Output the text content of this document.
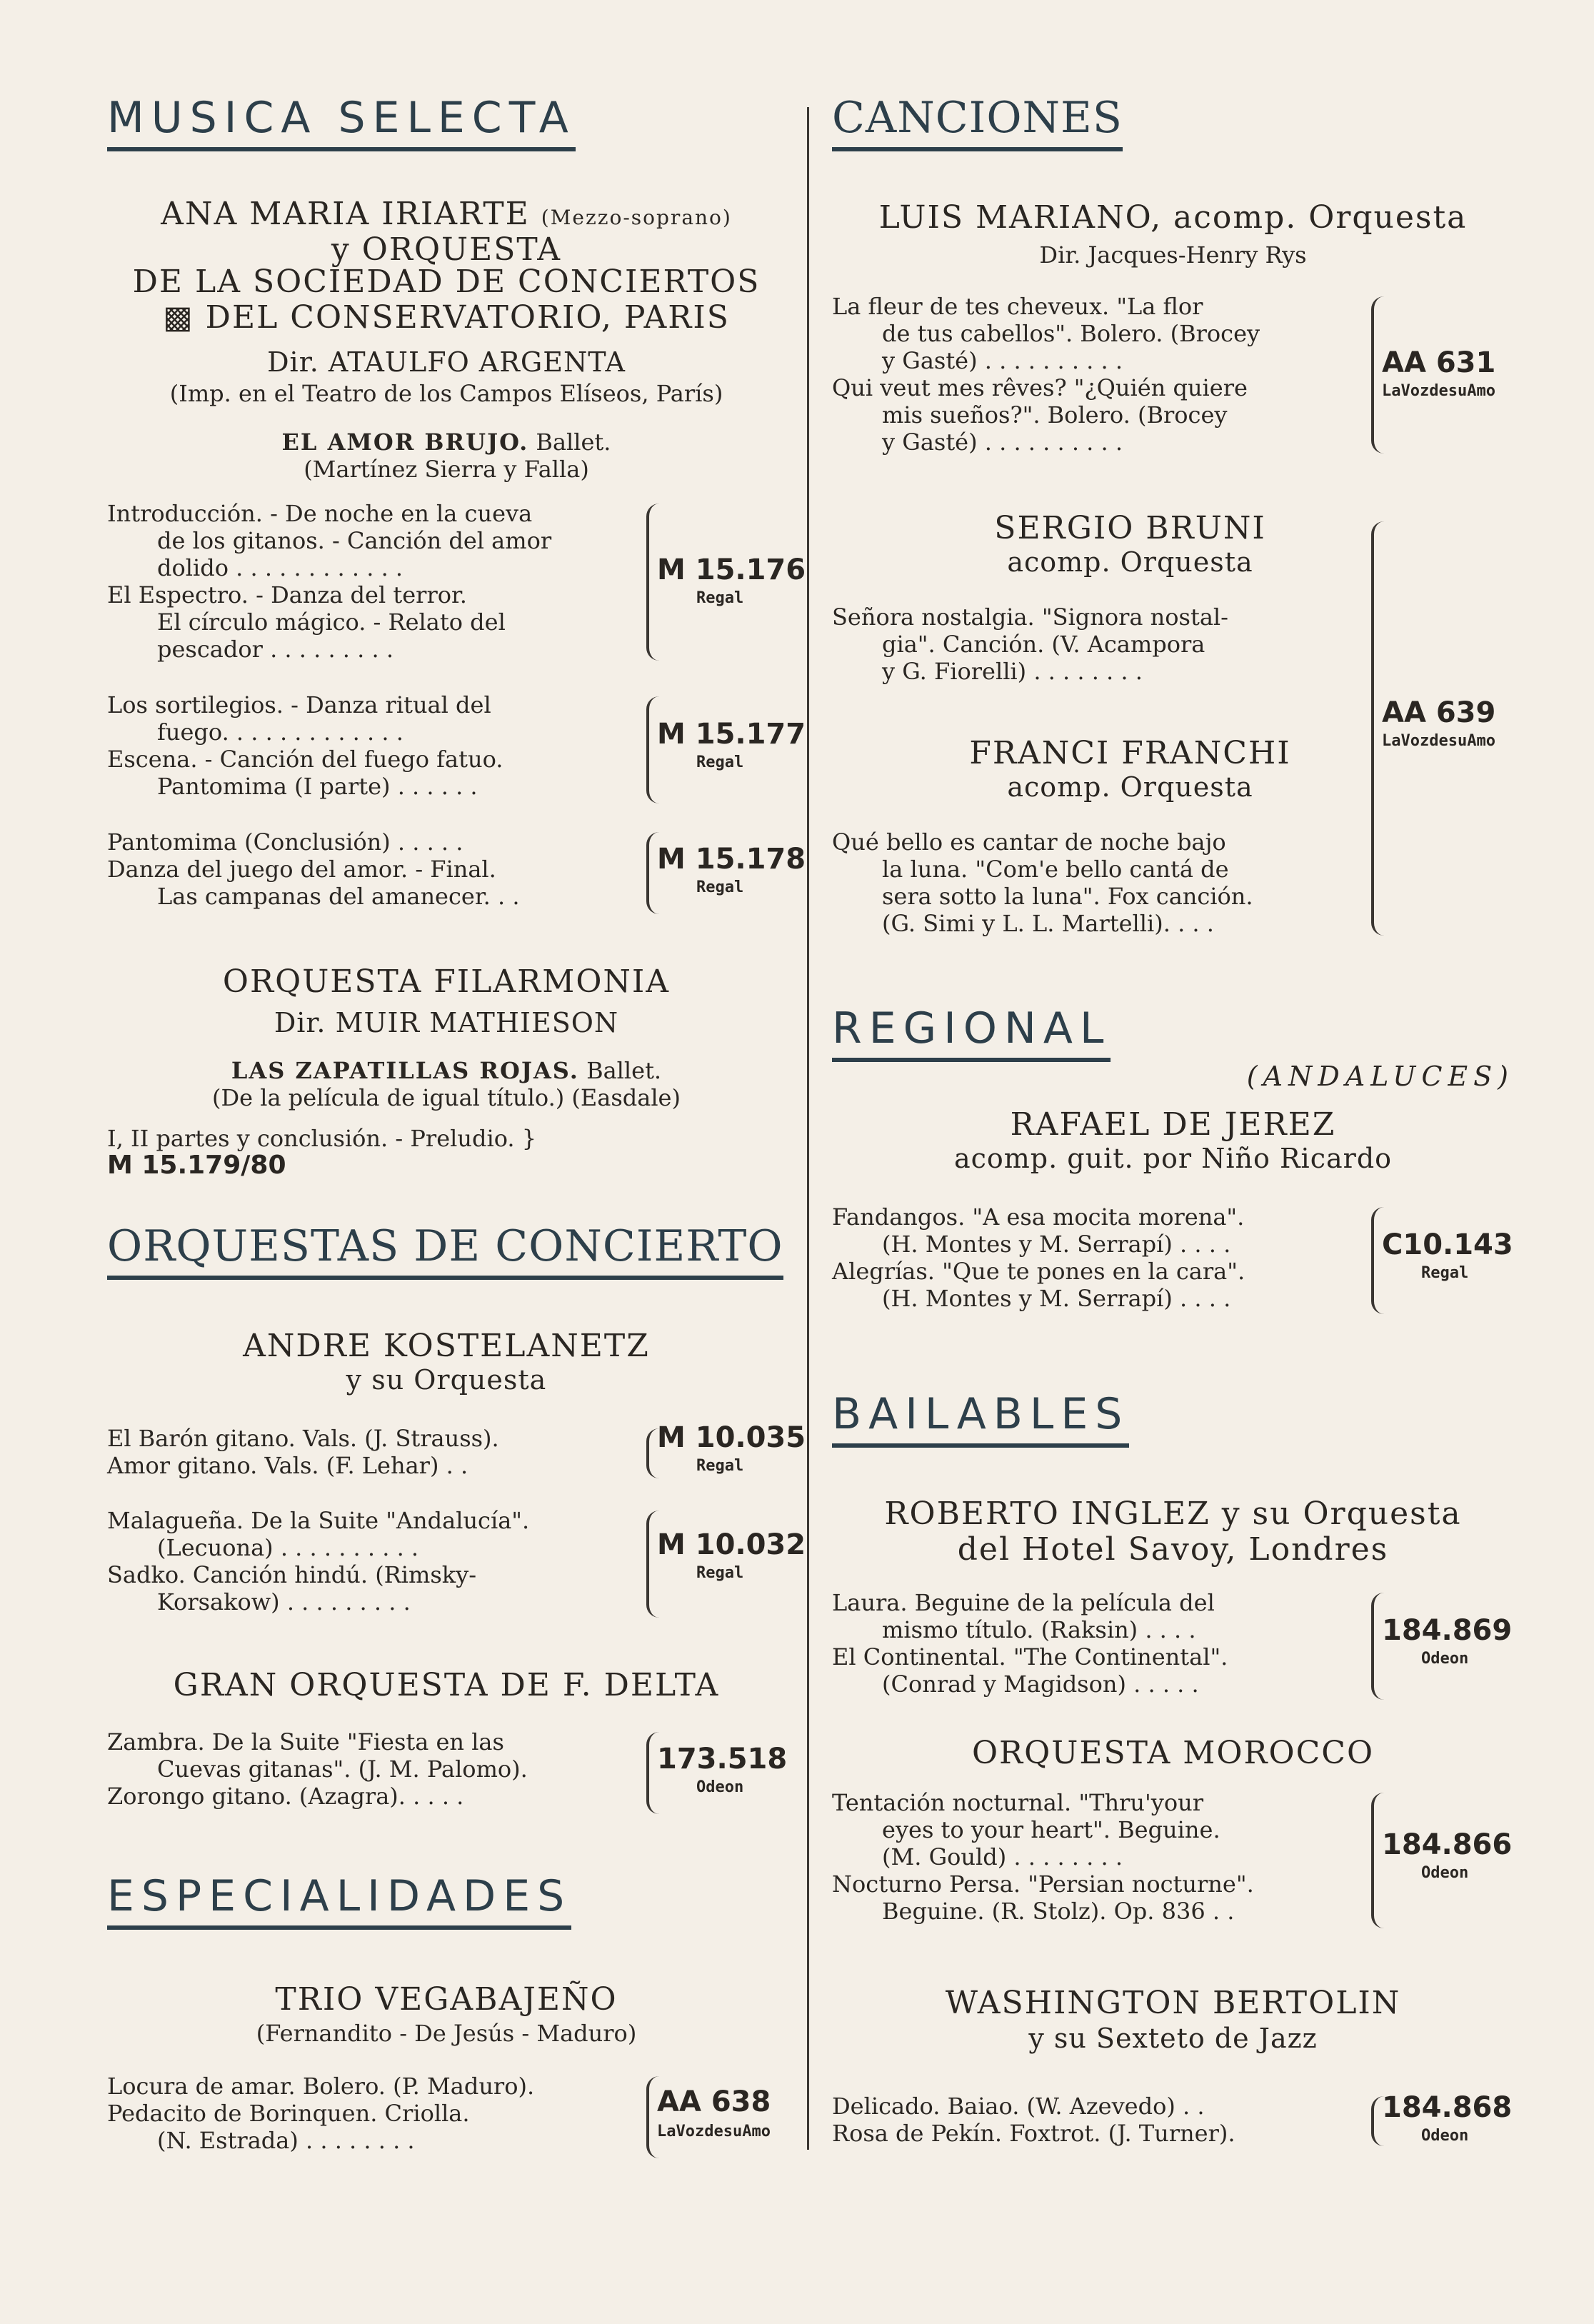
MUSICA SELECTA
ANA MARIA IRIARTE (Mezzo-soprano)
y ORQUESTA
DE LA SOCIEDAD DE CONCIERTOS
▩ DEL CONSERVATORIO, PARIS
Dir. ATAULFO ARGENTA
(Imp. en el Teatro de los Campos Elíseos, París)
EL AMOR BRUJO. Ballet.
(Martínez Sierra y Falla)
Introducción. - De noche en la cueva
de los gitanos. - Canción del amor
dolido . . . . . . . . . . . .
El Espectro. - Danza del terror.
El círculo mágico. - Relato del
pescador . . . . . . . . .
M 15.176
Regal
Los sortilegios. - Danza ritual del
fuego. . . . . . . . . . . . .
Escena. - Canción del fuego fatuo.
Pantomima (I parte) . . . . . .
M 15.177
Regal
Pantomima (Conclusión) . . . . .
Danza del juego del amor. - Final.
Las campanas del amanecer. . .
M 15.178
Regal
ORQUESTA FILARMONIA
Dir. MUIR MATHIESON
LAS ZAPATILLAS ROJAS. Ballet.
(De la película de igual título.) (Easdale)
I, II partes y conclusión. - Preludio. } M 15.179/80
ORQUESTAS DE CONCIERTO
ANDRE KOSTELANETZ
y su Orquesta
El Barón gitano. Vals. (J. Strauss).
Amor gitano. Vals. (F. Lehar) . .
M 10.035
Regal
Malagueña. De la Suite "Andalucía".
(Lecuona) . . . . . . . . . .
Sadko. Canción hindú. (Rimsky-
Korsakow) . . . . . . . . .
M 10.032
Regal
GRAN ORQUESTA DE F. DELTA
Zambra. De la Suite "Fiesta en las
Cuevas gitanas". (J. M. Palomo).
Zorongo gitano. (Azagra). . . . .
173.518
Odeon
ESPECIALIDADES
TRIO VEGABAJEÑO
(Fernandito - De Jesús - Maduro)
Locura de amar. Bolero. (P. Maduro).
Pedacito de Borinquen. Criolla.
(N. Estrada) . . . . . . . .
AA 638
LaVozdesuAmo
CANCIONES
LUIS MARIANO, acomp. Orquesta
Dir. Jacques-Henry Rys
La fleur de tes cheveux. "La flor
de tus cabellos". Bolero. (Brocey
y Gasté) . . . . . . . . . .
Qui veut mes rêves? "¿Quién quiere
mis sueños?". Bolero. (Brocey
y Gasté) . . . . . . . . . .
AA 631
LaVozdesuAmo
SERGIO BRUNI
acomp. Orquesta
Señora nostalgia. "Signora nostal-
gia". Canción. (V. Acampora
y G. Fiorelli) . . . . . . . .
FRANCI FRANCHI
acomp. Orquesta
Qué bello es cantar de noche bajo
la luna. "Com'e bello cantá de
sera sotto la luna". Fox canción.
(G. Simi y L. L. Martelli). . . .
AA 639
LaVozdesuAmo
REGIONAL
(ANDALUCES)
RAFAEL DE JEREZ
acomp. guit. por Niño Ricardo
Fandangos. "A esa mocita morena".
(H. Montes y M. Serrapí) . . . .
Alegrías. "Que te pones en la cara".
(H. Montes y M. Serrapí) . . . .
C10.143
Regal
BAILABLES
ROBERTO INGLEZ y su Orquesta
del Hotel Savoy, Londres
Laura. Beguine de la película del
mismo título. (Raksin) . . . .
El Continental. "The Continental".
(Conrad y Magidson) . . . . .
184.869
Odeon
ORQUESTA MOROCCO
Tentación nocturnal. "Thru'your
eyes to your heart". Beguine.
(M. Gould) . . . . . . . .
Nocturno Persa. "Persian nocturne".
Beguine. (R. Stolz). Op. 836 . .
184.866
Odeon
WASHINGTON BERTOLIN
y su Sexteto de Jazz
Delicado. Baiao. (W. Azevedo) . .
Rosa de Pekín. Foxtrot. (J. Turner).
184.868
Odeon
